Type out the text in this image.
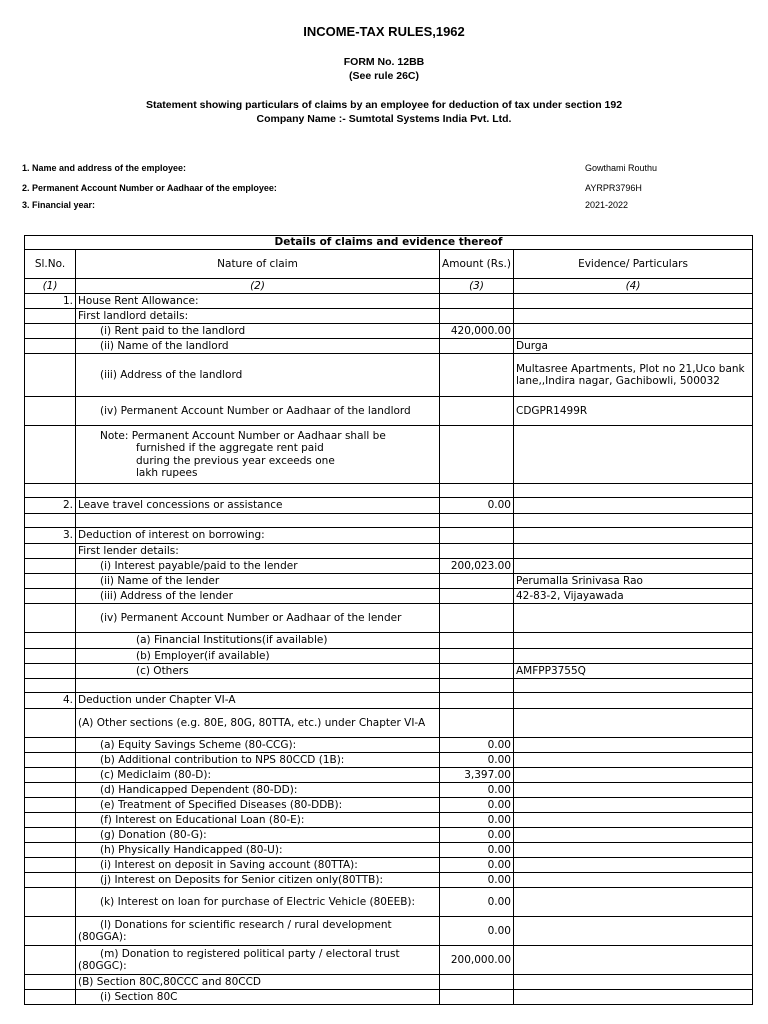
INCOME-TAX RULES,1962
FORM No. 12BB
(See rule 26C)
Statement showing particulars of claims by an employee for deduction of tax under section 192
Company Name :- Sumtotal Systems India Pvt. Ltd.
1. Name and address of the employee:	Gowthami Routhu
2. Permanent Account Number or Aadhaar of the employee:	AYRPR3796H
3. Financial year:	2021-2022
Details of claims and evidence thereof			
Sl.No.	Nature of claim	Amount (Rs.)	Evidence/ Particulars
(1)	(2)	(3)	(4)
1.	House Rent Allowance:		
	First landlord details:		
	(i) Rent paid to the landlord	420,000.00	
	(ii) Name of the landlord		Durga
	(iii) Address of the landlord		Multasree Apartments, Plot no 21,Uco bank lane,,Indira nagar, Gachibowli, 500032
	(iv) Permanent Account Number or Aadhaar of the landlord		CDGPR1499R

	Note: Permanent Account Number or Aadhaar shall be
furnished if the aggregate rent paid
during the previous year exceeds one
lakh rupees		

2.	Leave travel concessions or assistance	0.00	

3.	Deduction of interest on borrowing:		
	First lender details:		
	(i) Interest payable/paid to the lender	200,023.00	
	(ii) Name of the lender		Perumalla Srinivasa Rao
	(iii) Address of the lender		42-83-2, Vijayawada
	(iv) Permanent Account Number or Aadhaar of the lender		
	(a) Financial Institutions(if available)		
	(b) Employer(if available)		
	(c) Others		AMFPP3755Q

4.	Deduction under Chapter VI-A		
	(A) Other sections (e.g. 80E, 80G, 80TTA, etc.) under Chapter VI-A		
	(a) Equity Savings Scheme (80-CCG):	0.00	
	(b) Additional contribution to NPS 80CCD (1B):	0.00	
	(c) Mediclaim (80-D):	3,397.00	
	(d) Handicapped Dependent (80-DD):	0.00	
	(e) Treatment of Specified Diseases (80-DDB):	0.00	
	(f) Interest on Educational Loan (80-E):	0.00	
	(g) Donation (80-G):	0.00	
	(h) Physically Handicapped (80-U):	0.00	
	(i) Interest on deposit in Saving account (80TTA):	0.00	
	(j) Interest on Deposits for Senior citizen only(80TTB):	0.00	
	(k) Interest on loan for purchase of Electric Vehicle (80EEB):	0.00	
	(l) Donations for scientific research / rural development (80GGA):	0.00	
	(m) Donation to registered political party / electoral trust (80GGC):	200,000.00	
	(B) Section 80C,80CCC and 80CCD		
	(i) Section 80C		
